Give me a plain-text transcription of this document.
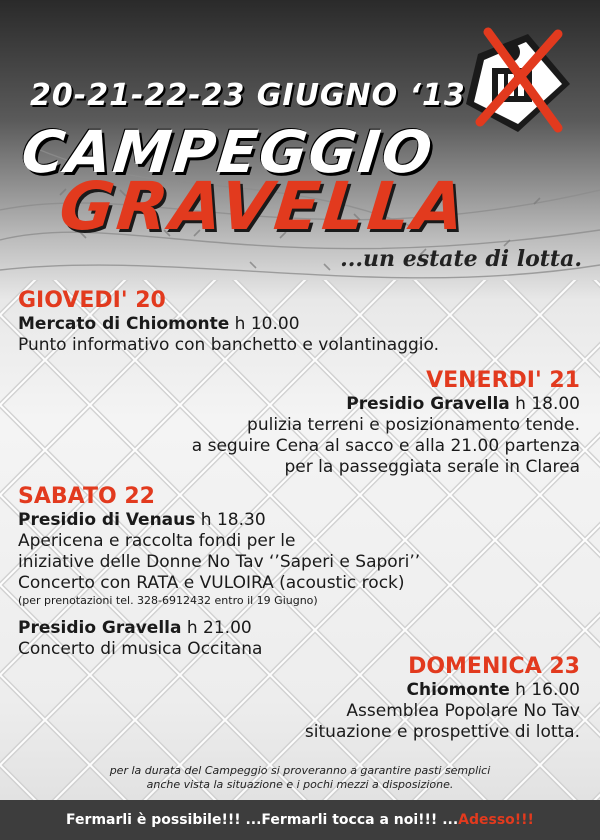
20-21-22-23 GIUGNO ‘13
CAMPEGGIO
GRAVELLA
...un estate di lotta.
GIOVEDI' 20
Mercato di Chiomonte h 10.00
Punto informativo con banchetto e volantinaggio.
VENERDI' 21
Presidio Gravella h 18.00
pulizia terreni e posizionamento tende.
a seguire Cena al sacco e alla 21.00 partenza
per la passeggiata serale in Clarea
SABATO 22
Presidio di Venaus h 18.30
Apericena e raccolta fondi per le
iniziative delle Donne No Tav ‘’Saperi e Sapori’’
Concerto con RATA e VULOIRA (acoustic rock)
(per prenotazioni tel. 328-6912432 entro il 19 Giugno)
Presidio Gravella h 21.00
Concerto di musica Occitana
DOMENICA 23
Chiomonte h 16.00
Assemblea Popolare No Tav
situazione e prospettive di lotta.
per la durata del Campeggio si proveranno a garantire pasti semplici
anche vista la situazione e i pochi mezzi a disposizione.
Fermarli è possibile!!! ...Fermarli tocca a noi!!! ...Adesso!!!
